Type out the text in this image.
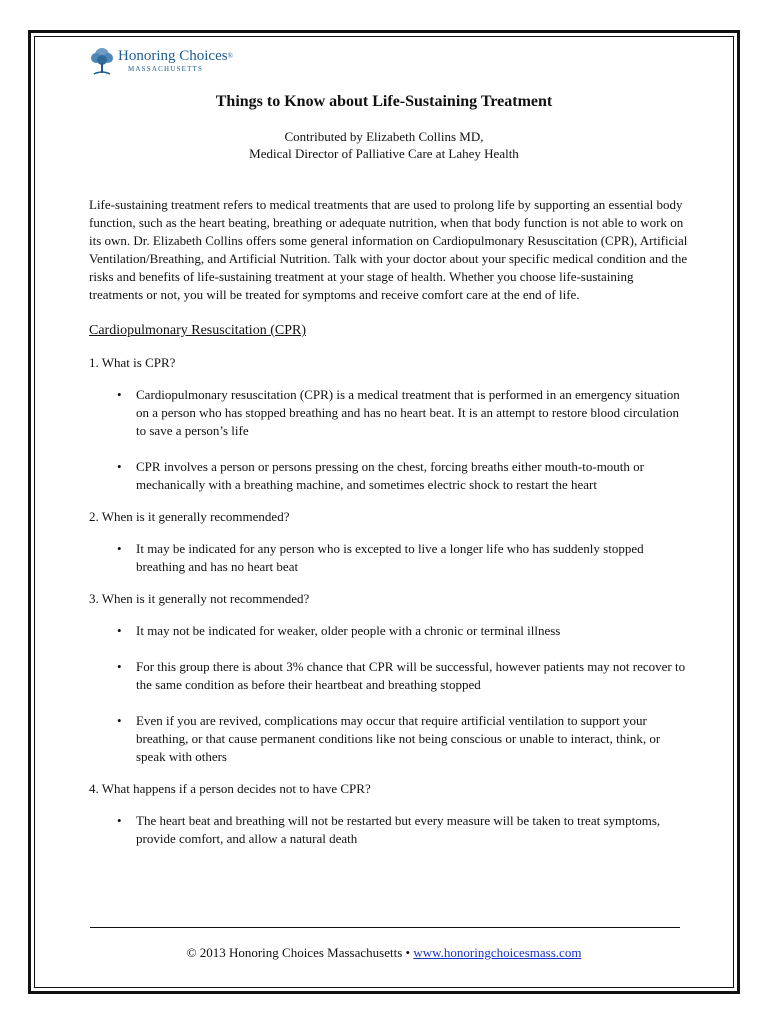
Honoring Choices®
MASSACHUSETTS
Things to Know about Life-Sustaining Treatment
Contributed by Elizabeth Collins MD,
Medical Director of Palliative Care at Lahey Health

Life-sustaining treatment refers to medical treatments that are used to prolong life by supporting an essential body function, such as the heart beating, breathing or adequate nutrition, when that body function is not able to work on its own. Dr. Elizabeth Collins offers some general information on Cardiopulmonary Resuscitation (CPR), Artificial Ventilation/Breathing, and Artificial Nutrition. Talk with your doctor about your specific medical condition and the risks and benefits of life-sustaining treatment at your stage of health. Whether you choose life-sustaining treatments or not, you will be treated for symptoms and receive comfort care at the end of life.

Cardiopulmonary Resuscitation (CPR)
1. What is CPR?
• Cardiopulmonary resuscitation (CPR) is a medical treatment that is performed in an emergency situation on a person who has stopped breathing and has no heart beat. It is an attempt to restore blood circulation to save a person’s life
• CPR involves a person or persons pressing on the chest, forcing breaths either mouth-to-mouth or mechanically with a breathing machine, and sometimes electric shock to restart the heart
2. When is it generally recommended?
• It may be indicated for any person who is excepted to live a longer life who has suddenly stopped breathing and has no heart beat
3. When is it generally not recommended?
• It may not be indicated for weaker, older people with a chronic or terminal illness
• For this group there is about 3% chance that CPR will be successful, however patients may not recover to the same condition as before their heartbeat and breathing stopped
• Even if you are revived, complications may occur that require artificial ventilation to support your breathing, or that cause permanent conditions like not being conscious or unable to interact, think, or speak with others
4. What happens if a person decides not to have CPR?
• The heart beat and breathing will not be restarted but every measure will be taken to treat symptoms, provide comfort, and allow a natural death
© 2013 Honoring Choices Massachusetts • www.honoringchoicesmass.com
